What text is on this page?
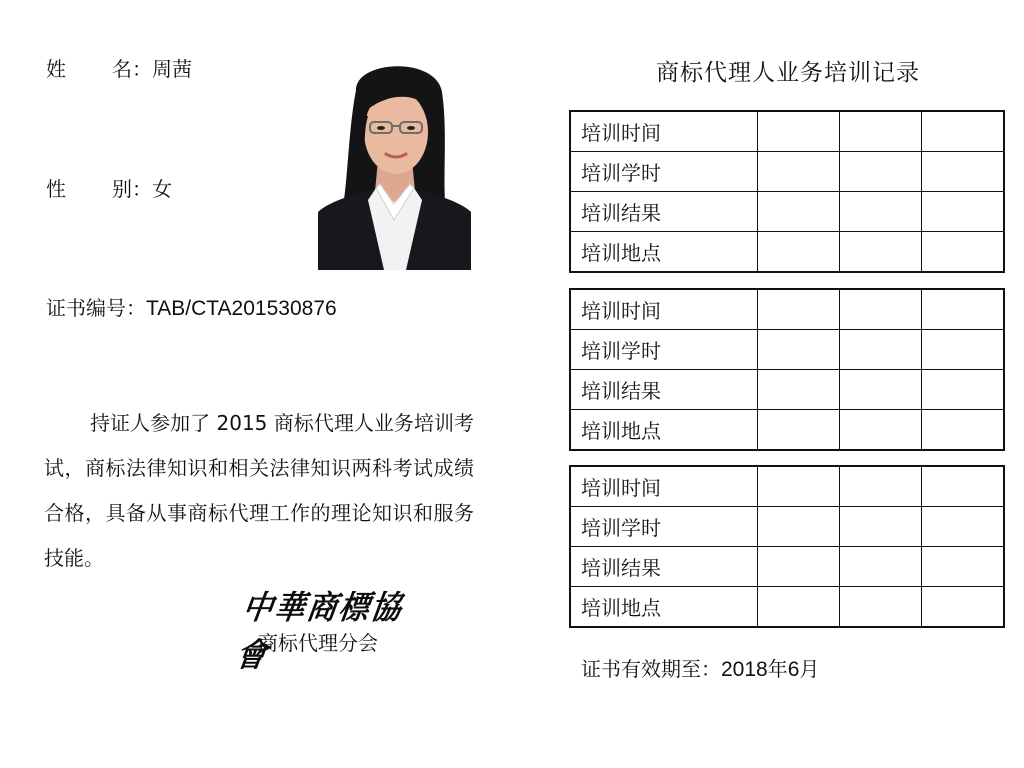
姓 名：周茜
性 别：女
证书编号：TAB/CTA201530876
持证人参加了 2015 商标代理人业务培训考试，商标法律知识和相关法律知识两科考试成绩合格，具备从事商标代理工作的理论知识和服务技能。
中華商標協會
商标代理分会
商标代理人业务培训记录
培训时间			
培训学时			
培训结果			
培训地点			
培训时间			
培训学时			
培训结果			
培训地点			
培训时间			
培训学时			
培训结果			
培训地点			
证书有效期至：2018年6月
